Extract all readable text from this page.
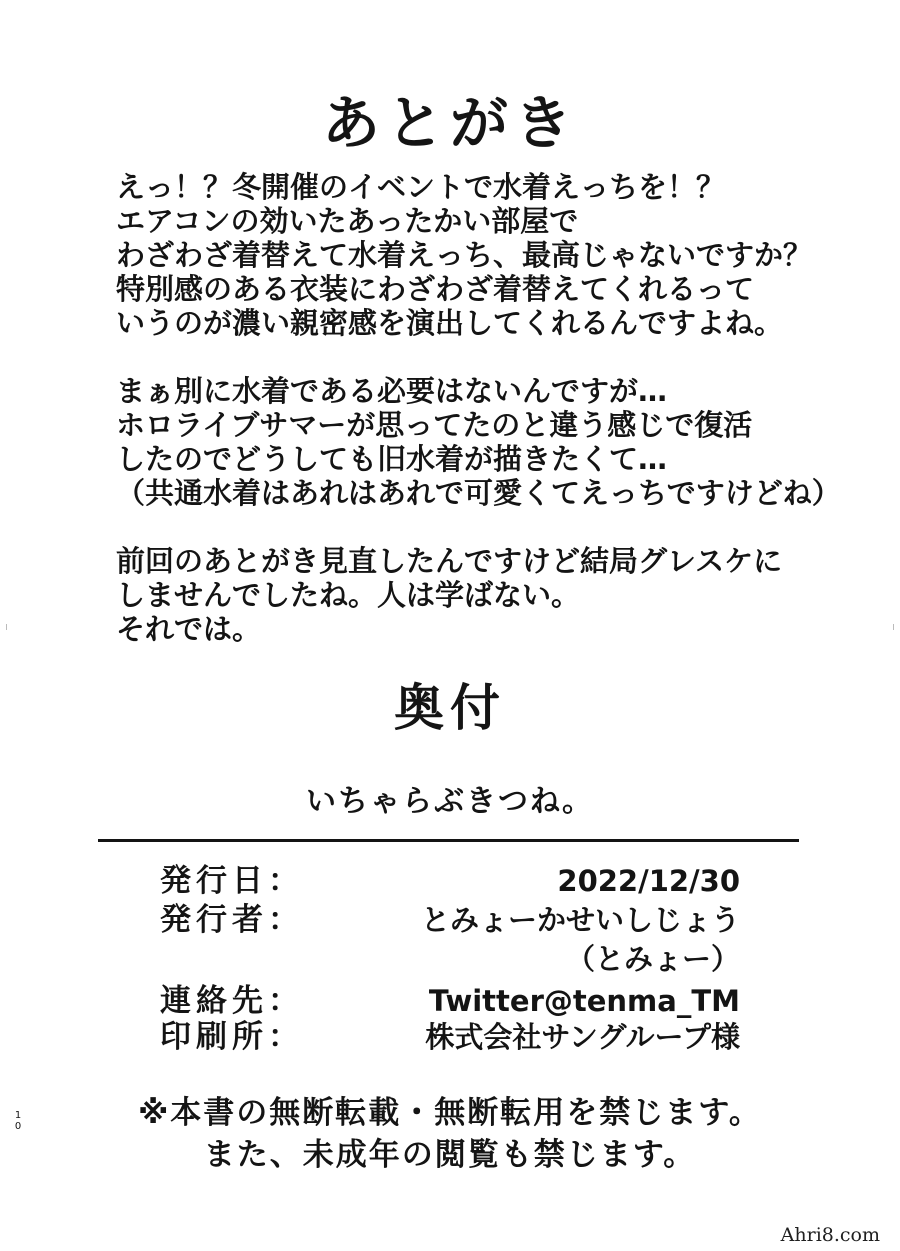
あとがき
えっ！？冬開催のイベントで水着えっちを！？
エアコンの効いたあったかい部屋で
わざわざ着替えて水着えっち、最高じゃないですか？
特別感のある衣装にわざわざ着替えてくれるって
いうのが濃い親密感を演出してくれるんですよね。
まぁ別に水着である必要はないんですが…
ホロライブサマーが思ってたのと違う感じで復活
したのでどうしても旧水着が描きたくて…
（共通水着はあれはあれで可愛くてえっちですけどね）
前回のあとがき見直したんですけど結局グレスケに
しませんでしたね。人は学ばない。
それでは。
奥付
いちゃらぶきつね。
発行日：	2022/12/30
発行者：	とみょーかせいしじょう
（とみょー）
連絡先：	Twitter@tenma_TM
印刷所：	株式会社サングループ様
※本書の無断転載・無断転用を禁じます。
また、未成年の閲覧も禁じます。
1
0
Ahri8.com
